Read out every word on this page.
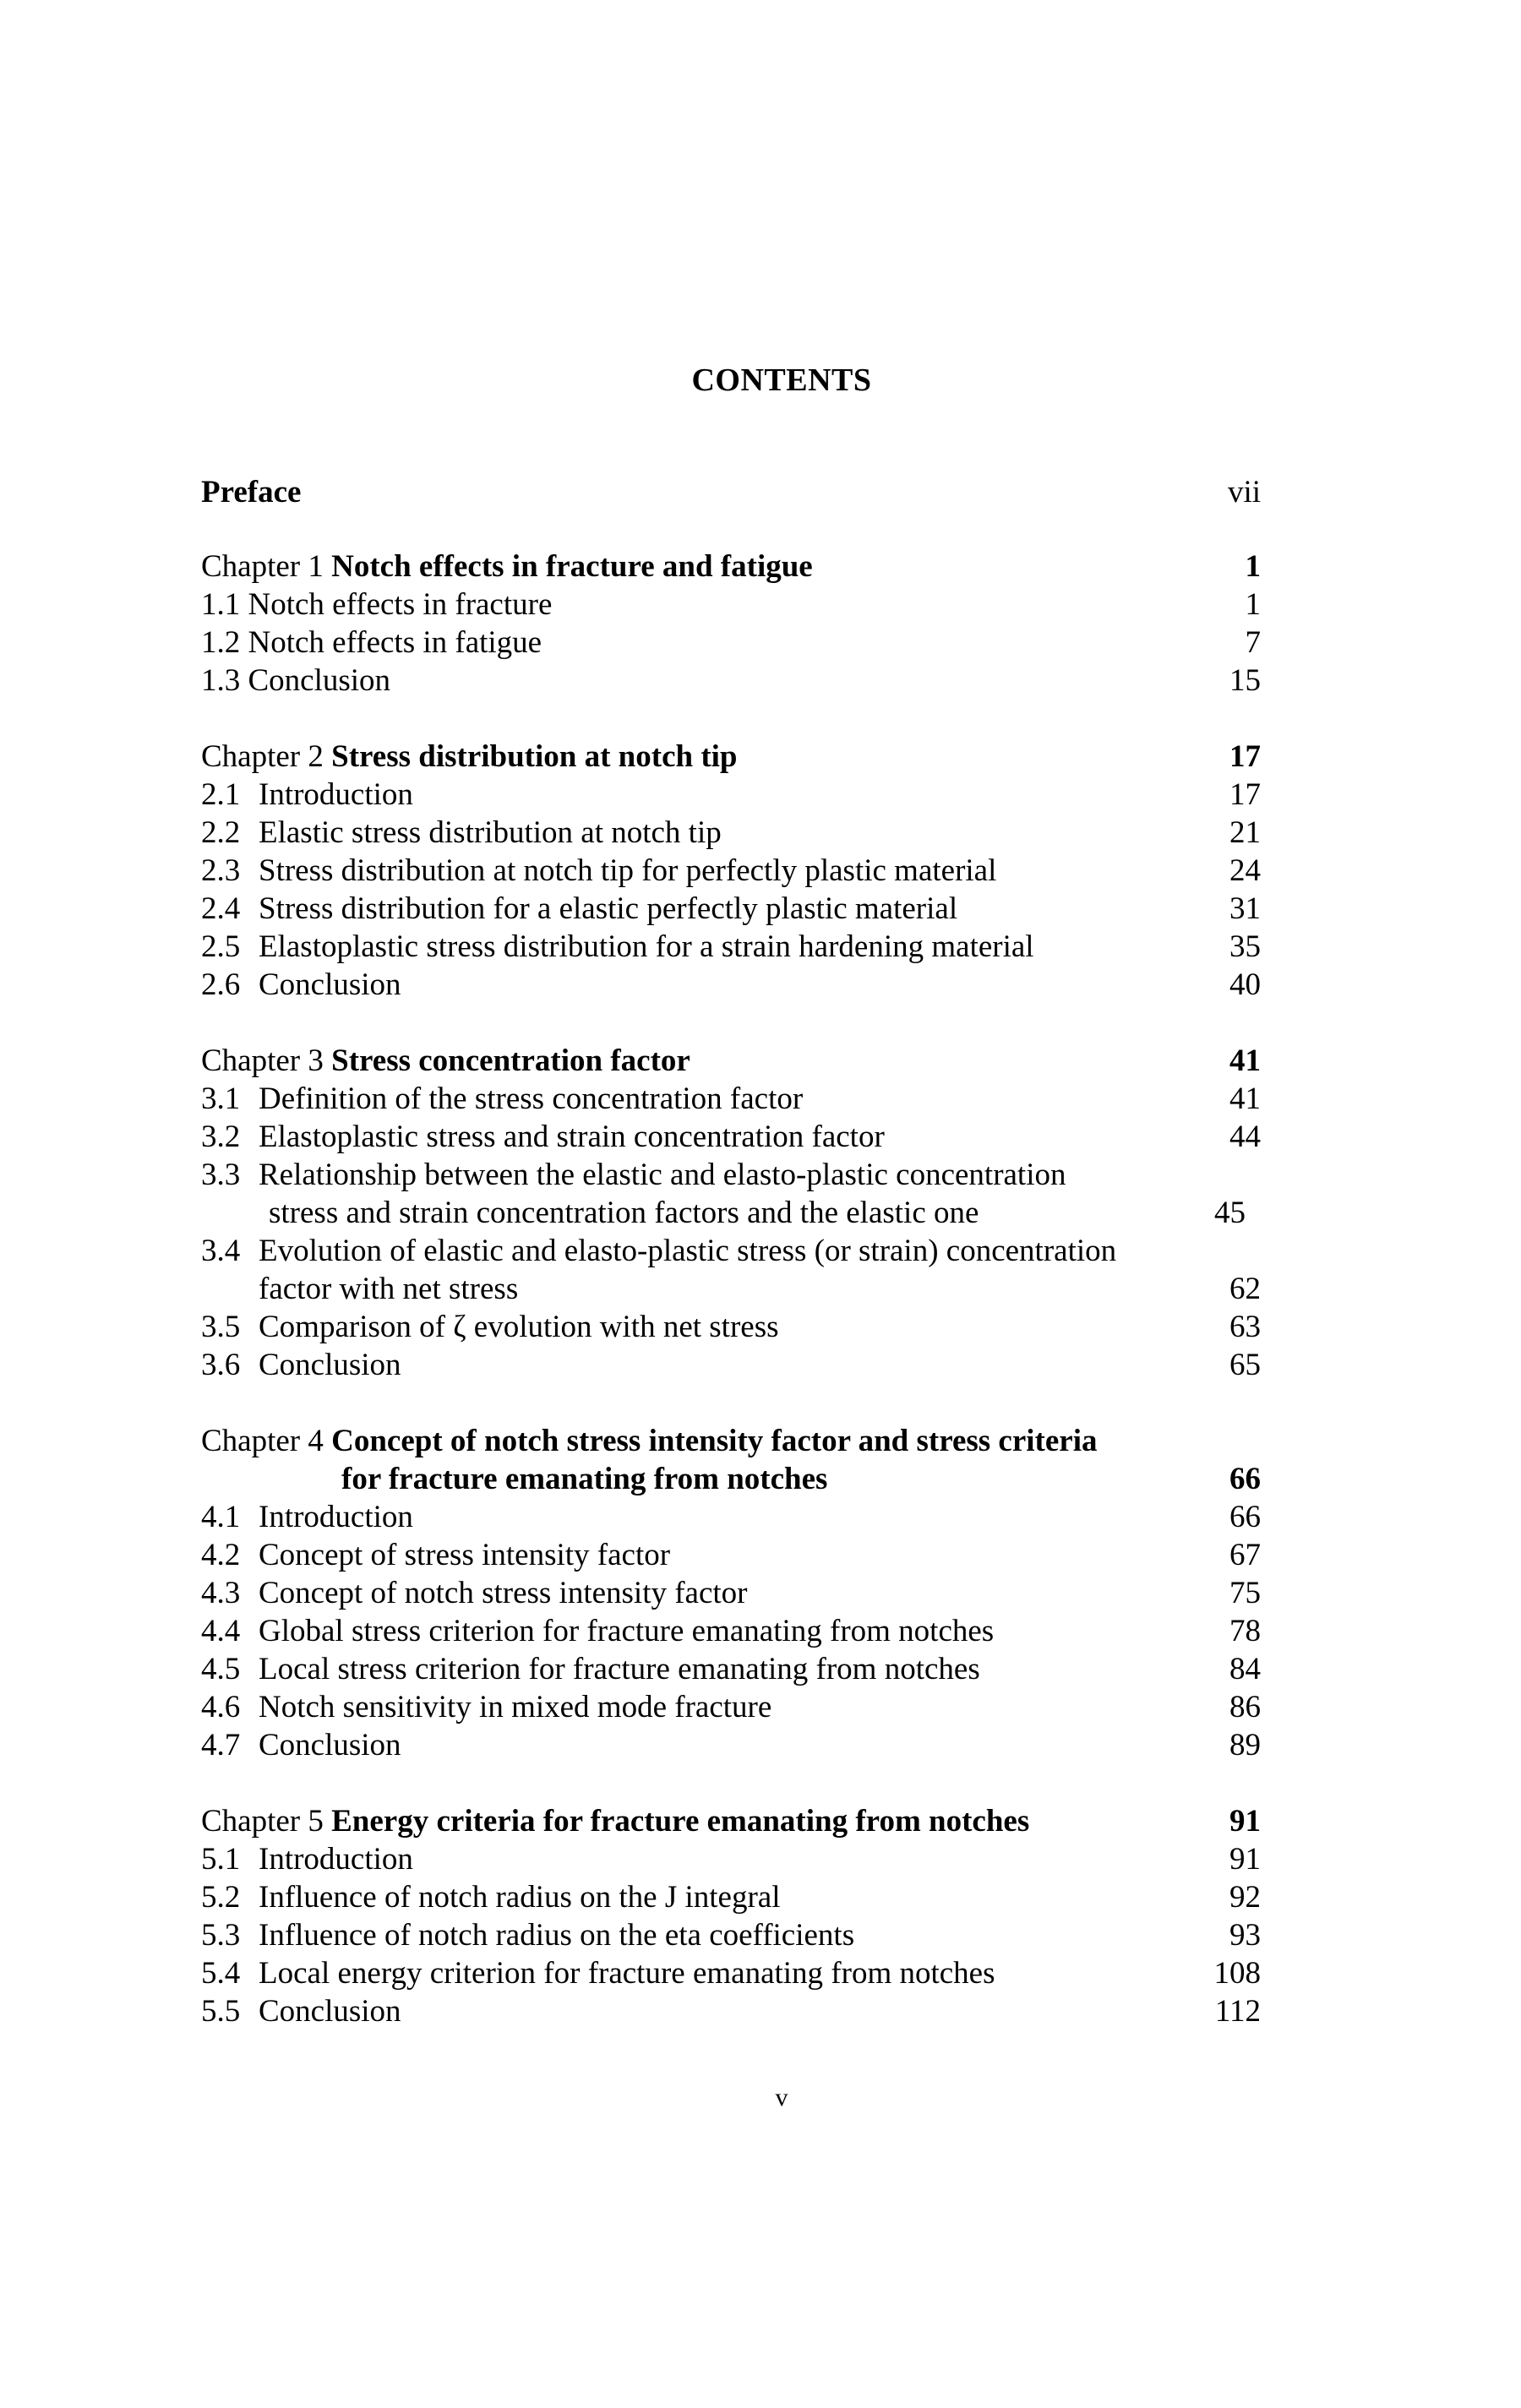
CONTENTS
Preface	vii
Chapter 1 Notch effects in fracture and fatigue	1
1.1 Notch effects in fracture	1
1.2 Notch effects in fatigue	7
1.3 Conclusion	15
Chapter 2 Stress distribution at notch tip	17
2.1 Introduction	17
2.2 Elastic stress distribution at notch tip	21
2.3 Stress distribution at notch tip for perfectly plastic material	24
2.4 Stress distribution for a elastic perfectly plastic material	31
2.5 Elastoplastic stress distribution for a strain hardening material	35
2.6 Conclusion	40
Chapter 3 Stress concentration factor	41
3.1 Definition of the stress concentration factor	41
3.2 Elastoplastic stress and strain concentration factor	44
3.3 Relationship between the elastic and elasto-plastic concentration
stress and strain concentration factors and the elastic one	45
3.4 Evolution of elastic and elasto-plastic stress (or strain) concentration
factor with net stress	62
3.5 Comparison of ζ evolution with net stress	63
3.6 Conclusion	65
Chapter 4 Concept of notch stress intensity factor and stress criteria
for fracture emanating from notches	66
4.1 Introduction	66
4.2 Concept of stress intensity factor	67
4.3 Concept of notch stress intensity factor	75
4.4 Global stress criterion for fracture emanating from notches	78
4.5 Local stress criterion for fracture emanating from notches	84
4.6 Notch sensitivity in mixed mode fracture	86
4.7 Conclusion	89
Chapter 5 Energy criteria for fracture emanating from notches	91
5.1 Introduction	91
5.2 Influence of notch radius on the J integral	92
5.3 Influence of notch radius on the eta coefficients	93
5.4 Local energy criterion for fracture emanating from notches	108
5.5 Conclusion	112
v
